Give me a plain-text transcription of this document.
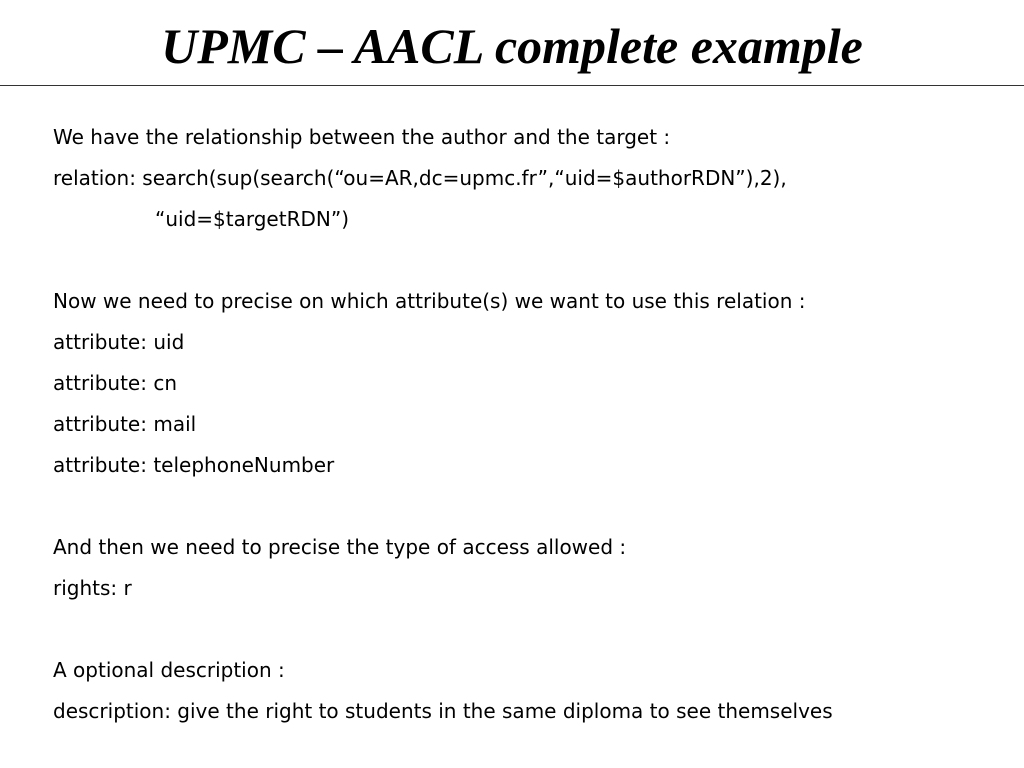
UPMC – AACL complete example
We have the relationship between the author and the target :
relation: search(sup(search(“ou=AR,dc=upmc.fr”,“uid=$authorRDN”),2),
“uid=$targetRDN”)
Now we need to precise on which attribute(s) we want to use this relation :
attribute: uid
attribute: cn
attribute: mail
attribute: telephoneNumber
And then we need to precise the type of access allowed :
rights: r
A optional description :
description: give the right to students in the same diploma to see themselves
